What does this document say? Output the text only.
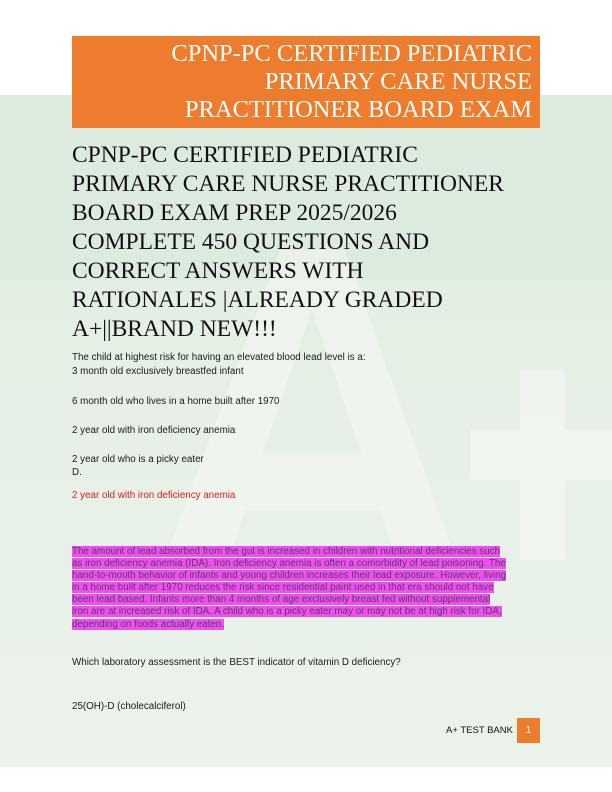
CPNP-PC CERTIFIED PEDIATRIC
PRIMARY CARE NURSE
PRACTITIONER BOARD EXAM
CPNP-PC CERTIFIED PEDIATRIC
PRIMARY CARE NURSE PRACTITIONER
BOARD EXAM PREP 2025/2026
COMPLETE 450 QUESTIONS AND
CORRECT ANSWERS WITH
RATIONALES |ALREADY GRADED
A+||BRAND NEW!!!
The child at highest risk for having an elevated blood lead level is a:
3 month old exclusively breastfed infant
6 month old who lives in a home built after 1970
2 year old with iron deficiency anemia
2 year old who is a picky eater
D.
2 year old with iron deficiency anemia
The amount of lead absorbed from the gut is increased in children with nutritional deficiencies such
as iron deficiency anemia (IDA). Iron deficiency anemia is often a comorbidity of lead poisoning. The
hand-to-mouth behavior of infants and young children increases their lead exposure. However, living
in a home built after 1970 reduces the risk since residential paint used in that era should not have
been lead based. Infants more than 4 months of age exclusively breast fed without supplemental
iron are at increased risk of IDA. A child who is a picky eater may or may not be at high risk for IDA,
depending on foods actually eaten.
Which laboratory assessment is the BEST indicator of vitamin D deficiency?
25(OH)-D (cholecalciferol)
A+ TEST BANK	1
